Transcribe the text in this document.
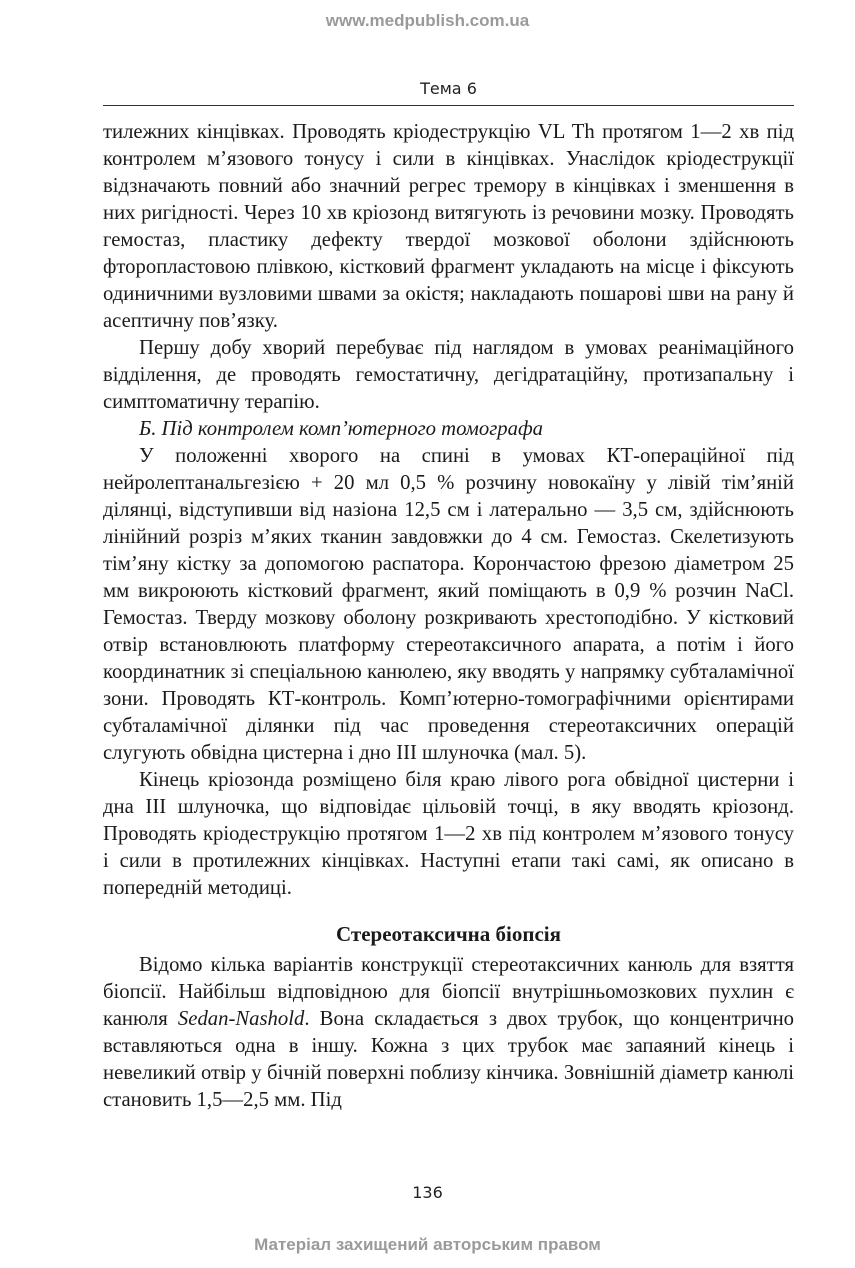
www.medpublish.com.ua
Тема 6

тилежних кінцівках. Проводять кріодеструкцію VL Th протягом 1—2 хв під контролем м’язового тонусу і сили в кінцівках. Унаслідок кріодеструкції відзначають повний або значний регрес тремору в кінцівках і зменшення в них ригідності. Через 10 хв кріозонд витягують із речовини мозку. Проводять гемостаз, пластику дефекту твердої мозкової оболони здійснюють фторопластовою плівкою, кістковий фрагмент укладають на місце і фіксують одиничними вузловими швами за окістя; накладають пошарові шви на рану й асептичну пов’язку.

Першу добу хворий перебуває під наглядом в умовах реанімаційного відділення, де проводять гемостатичну, дегідратаційну, протизапальну і симптоматичну терапію.

Б. Під контролем комп’ютерного томографа

У положенні хворого на спині в умовах КТ-операційної під нейролептанальгезією + 20 мл 0,5 % розчину новокаїну у лівій тім’яній ділянці, відступивши від назіона 12,5 см і латерально — 3,5 см, здійснюють лінійний розріз м’яких тканин завдовжки до 4 см. Гемостаз. Скелетизують тім’яну кістку за допомогою распатора. Корончастою фрезою діаметром 25 мм викроюють кістковий фрагмент, який поміщають в 0,9 % розчин NaCl. Гемостаз. Тверду мозкову оболону розкривають хрестоподібно. У кістковий отвір встановлюють платформу стереотаксичного апарата, а потім і його координатник зі спеціальною канюлею, яку вводять у напрямку субталамічної зони. Проводять КТ-контроль. Комп’ютерно-томографічними орієнтирами субталамічної ділянки під час проведення стереотаксичних операцій слугують обвідна цистерна і дно III шлуночка (мал. 5).

Кінець кріозонда розміщено біля краю лівого рога обвідної цистерни і дна III шлуночка, що відповідає цільовій точці, в яку вводять кріозонд. Проводять кріодеструкцію протягом 1—2 хв під контролем м’язового тонусу і сили в протилежних кінцівках. Наступні етапи такі самі, як описано в попередній методиці.

Стереотаксична біопсія

Відомо кілька варіантів конструкції стереотаксичних канюль для взяття біопсії. Найбільш відповідною для біопсії внутрішньомозкових пухлин є канюля Sedan-Nashold. Вона складається з двох трубок, що концентрично вставляються одна в іншу. Кожна з цих трубок має запаяний кінець і невеликий отвір у бічній поверхні поблизу кінчика. Зовнішній діаметр канюлі становить 1,5—2,5 мм. Під

136
Матеріал захищений авторським правом
